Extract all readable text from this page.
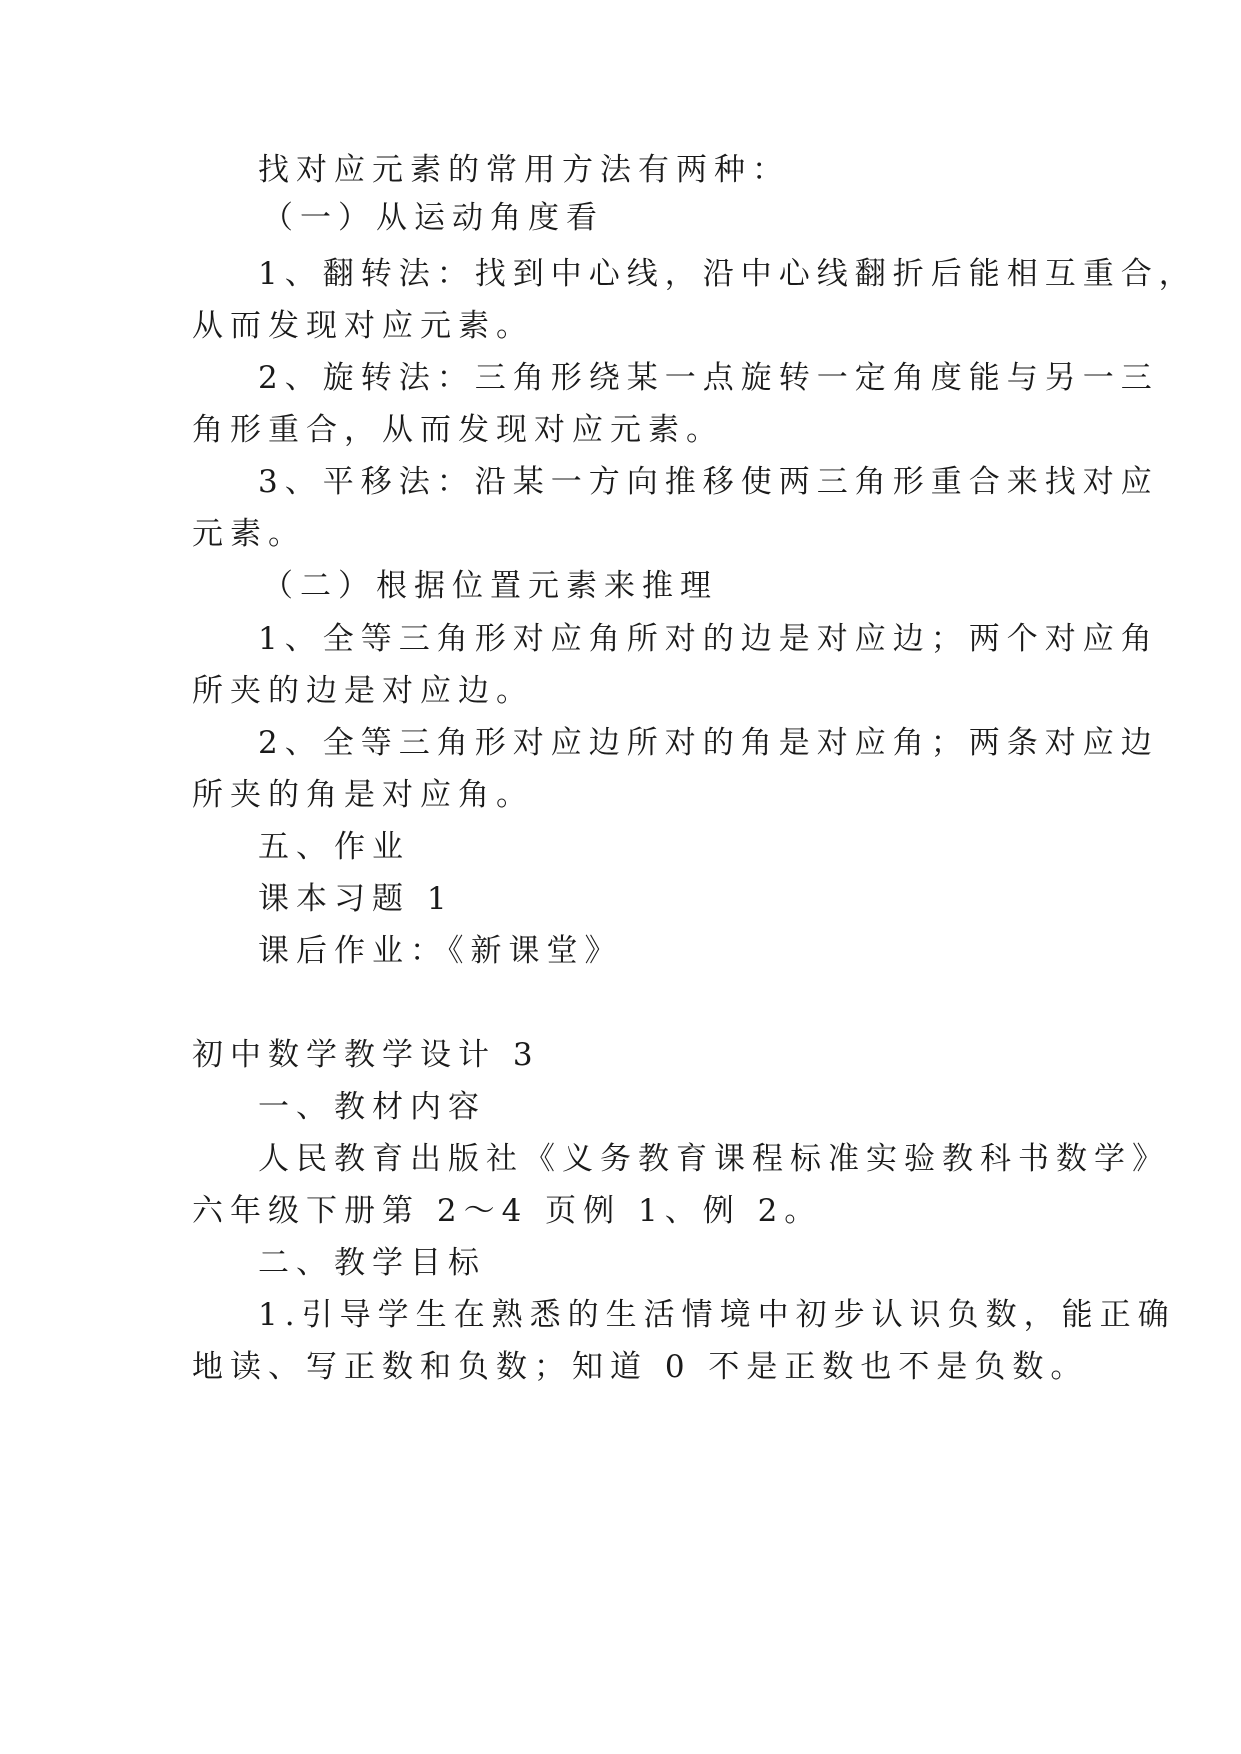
找对应元素的常用方法有两种：
（一）从运动角度看
1、翻转法：找到中心线，沿中心线翻折后能相互重合，
从而发现对应元素。
2、旋转法：三角形绕某一点旋转一定角度能与另一三
角形重合，从而发现对应元素。
3、平移法：沿某一方向推移使两三角形重合来找对应
元素。
（二）根据位置元素来推理
1、全等三角形对应角所对的边是对应边；两个对应角
所夹的边是对应边。
2、全等三角形对应边所对的角是对应角；两条对应边
所夹的角是对应角。
五、作业
课本习题 1
课后作业：《新课堂》
初中数学教学设计 3
一、教材内容
人民教育出版社《义务教育课程标准实验教科书数学》
六年级下册第 2～4 页例 1、例 2。
二、教学目标
1.引导学生在熟悉的生活情境中初步认识负数，能正确
地读、写正数和负数；知道 0 不是正数也不是负数。
